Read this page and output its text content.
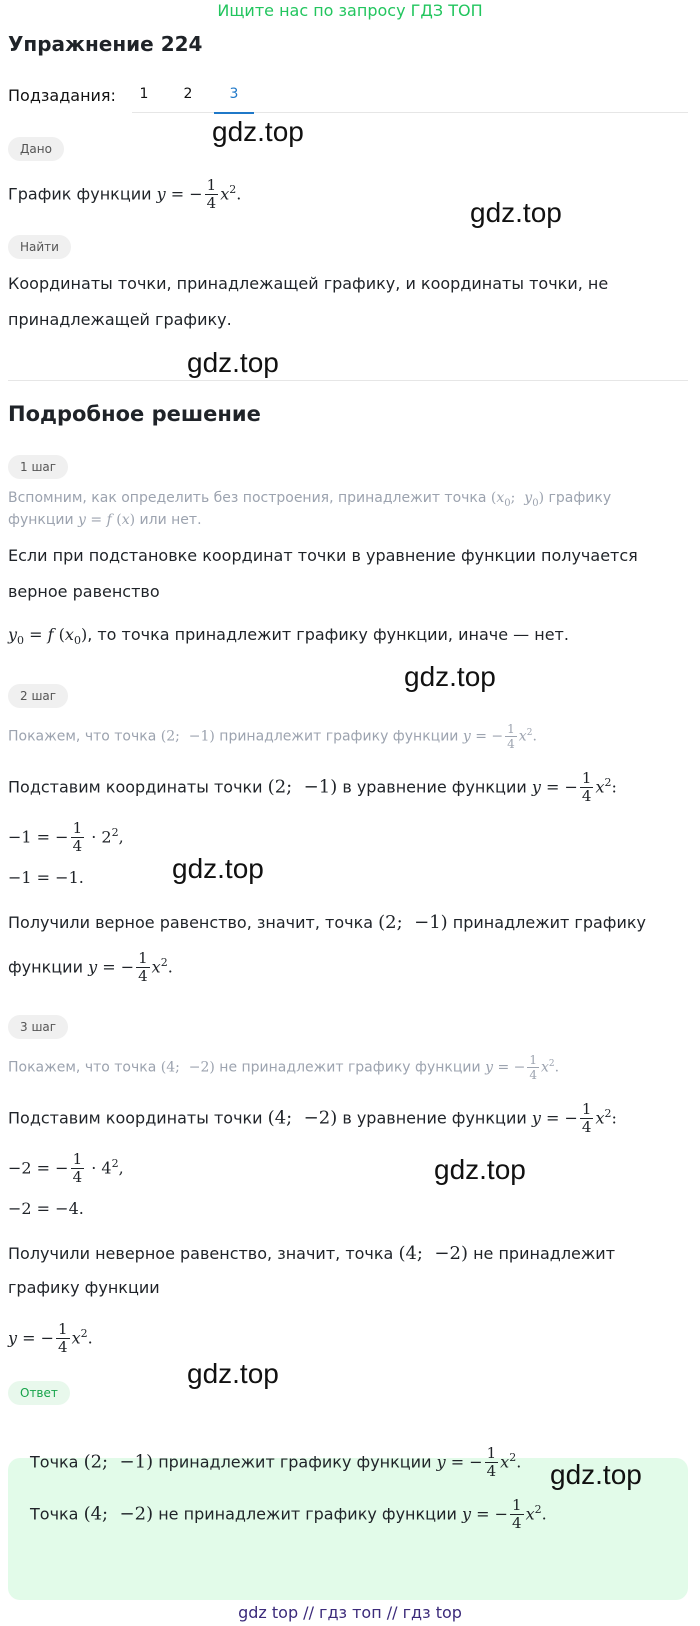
Ищите нас по запросу ГДЗ ТОП
Упражнение 224
Подзадания:	1	2	3
Дано
График функции y = − $\frac{1}{4} x^2$.
Найти
Координаты точки, принадлежащей графику, и координаты точки, не
принадлежащей графику.
Подробное решение
1 шаг
Вспомним, как определить без построения, принадлежит точка ($x_0$;  $y_0$) графику
функции y = f (x) или нет.
Если при подстановке координат точки в уравнение функции получается
верное равенство
$y_0 = f$ $(x_0)$, то точка принадлежит графику функции, иначе — нет.
2 шаг
Покажем, что точка (2;  −1) принадлежит графику функции y = − $\frac{1}{4} x^2$.
Подставим координаты точки (2;  −1) в уравнение функции y = − $\frac{1}{4} x^2$:
−1 = − $\frac{1}{4} \cdot 2^2$,
−1 = −1.
Получили верное равенство, значит, точка (2;  −1) принадлежит графику
функции y = − $\frac{1}{4} x^2$.
3 шаг
Покажем, что точка (4;  −2) не принадлежит графику функции y = − $\frac{1}{4} x^2$.
Подставим координаты точки (4;  −2) в уравнение функции y = − $\frac{1}{4} x^2$:
−2 = − $\frac{1}{4} \cdot 4^2$,
−2 = −4.
Получили неверное равенство, значит, точка (4;  −2) не принадлежит
графику функции
y = − $\frac{1}{4} x^2$.
Ответ
Точка (2;  −1) принадлежит графику функции y = − $\frac{1}{4} x^2$.
Точка (4;  −2) не принадлежит графику функции y = − $\frac{1}{4} x^2$.
gdz.top
gdz.top
gdz.top
gdz.top
gdz.top
gdz.top
gdz.top
gdz.top
gdz top // гдз топ // гдз top
